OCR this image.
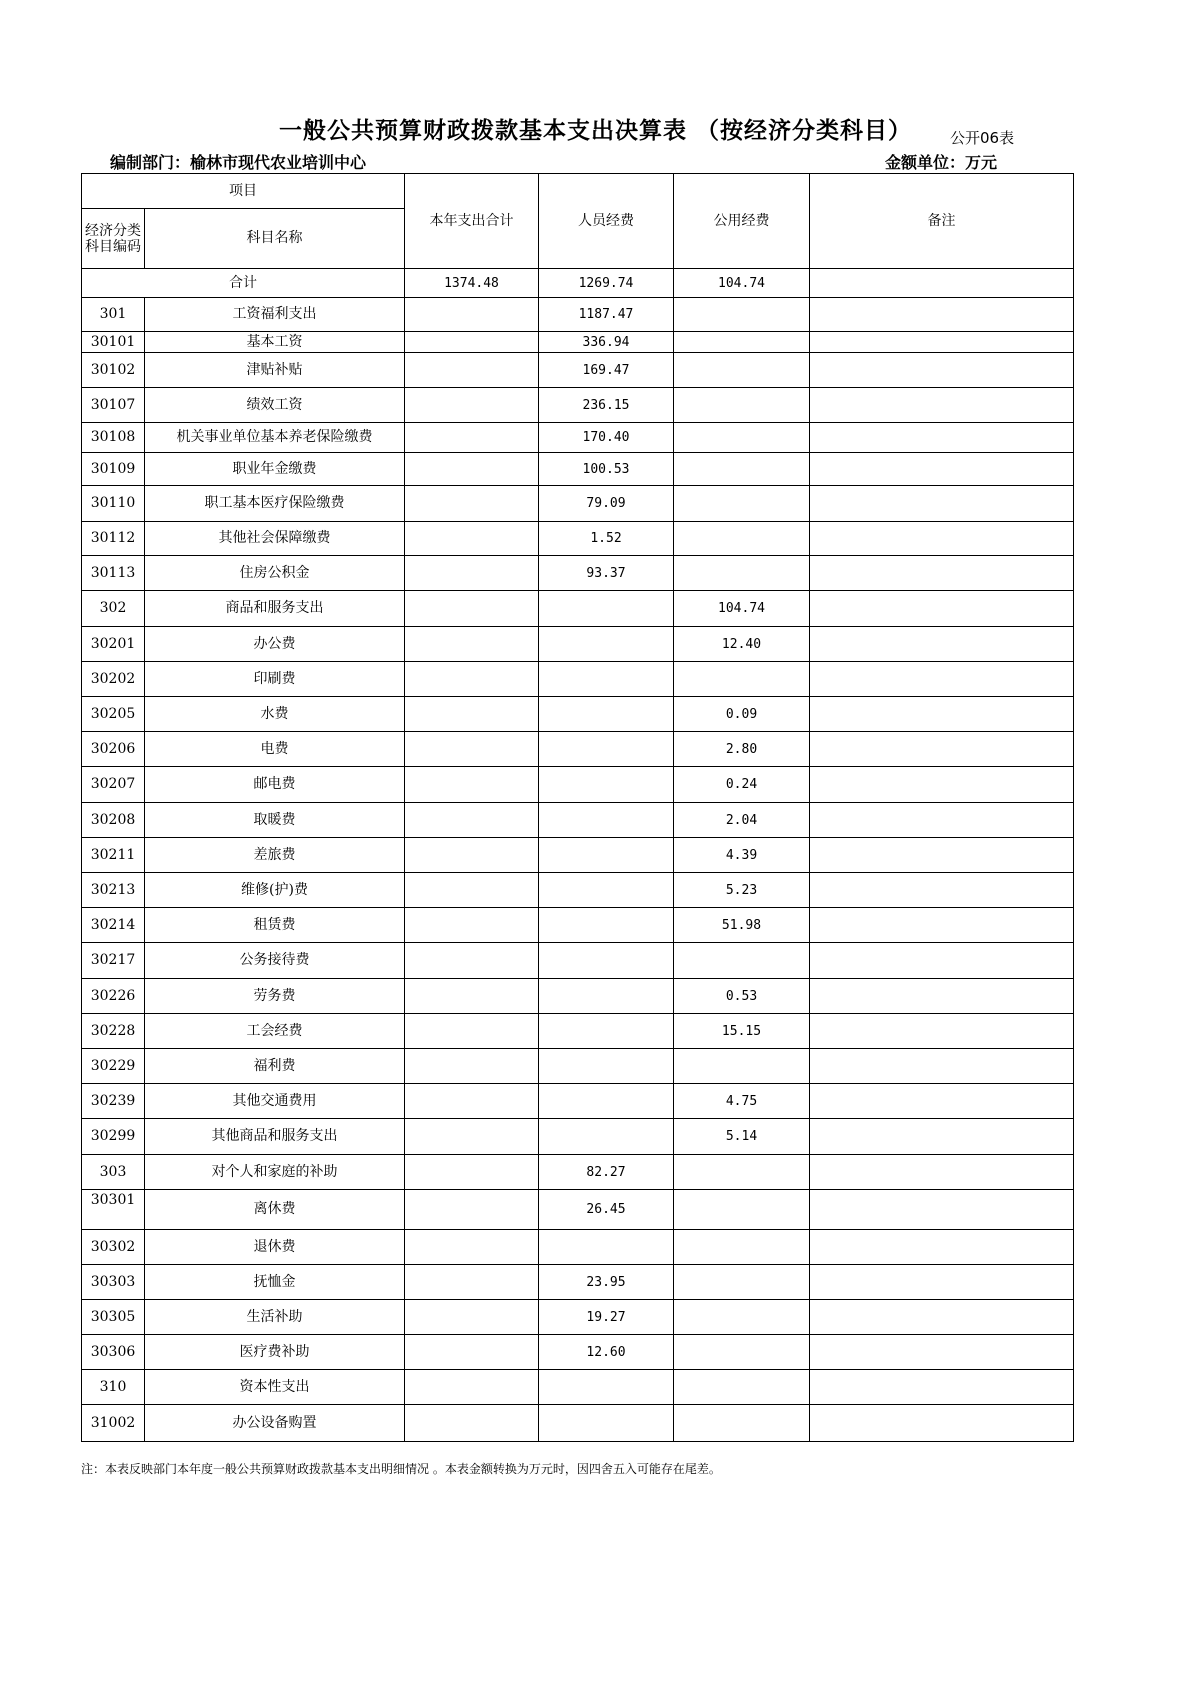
一般公共预算财政拨款基本支出决算表 （按经济分类科目）	公开06表
编制部门：榆林市现代农业培训中心	金额单位：万元
项目		本年支出合计	人员经费	公用经费	备注
经济分类科目编码	科目名称				
合计		1374.48	1269.74	104.74	
301	工资福利支出		1187.47		
30101	基本工资		336.94		
30102	津贴补贴		169.47		
30107	绩效工资		236.15		
30108	机关事业单位基本养老保险缴费		170.40		
30109	职业年金缴费		100.53		
30110	职工基本医疗保险缴费		79.09		
30112	其他社会保障缴费		1.52		
30113	住房公积金		93.37		
302	商品和服务支出			104.74	
30201	办公费			12.40	
30202	印刷费				
30205	水费			0.09	
30206	电费			2.80	
30207	邮电费			0.24	
30208	取暖费			2.04	
30211	差旅费			4.39	
30213	维修(护)费			5.23	
30214	租赁费			51.98	
30217	公务接待费				
30226	劳务费			0.53	
30228	工会经费			15.15	
30229	福利费				
30239	其他交通费用			4.75	
30299	其他商品和服务支出			5.14	
303	对个人和家庭的补助		82.27		
30301	离休费		26.45		
30302	退休费				
30303	抚恤金		23.95		
30305	生活补助		19.27		
30306	医疗费补助		12.60		
310	资本性支出				
31002	办公设备购置				
注：本表反映部门本年度一般公共预算财政拨款基本支出明细情况 。本表金额转换为万元时，因四舍五入可能存在尾差。
